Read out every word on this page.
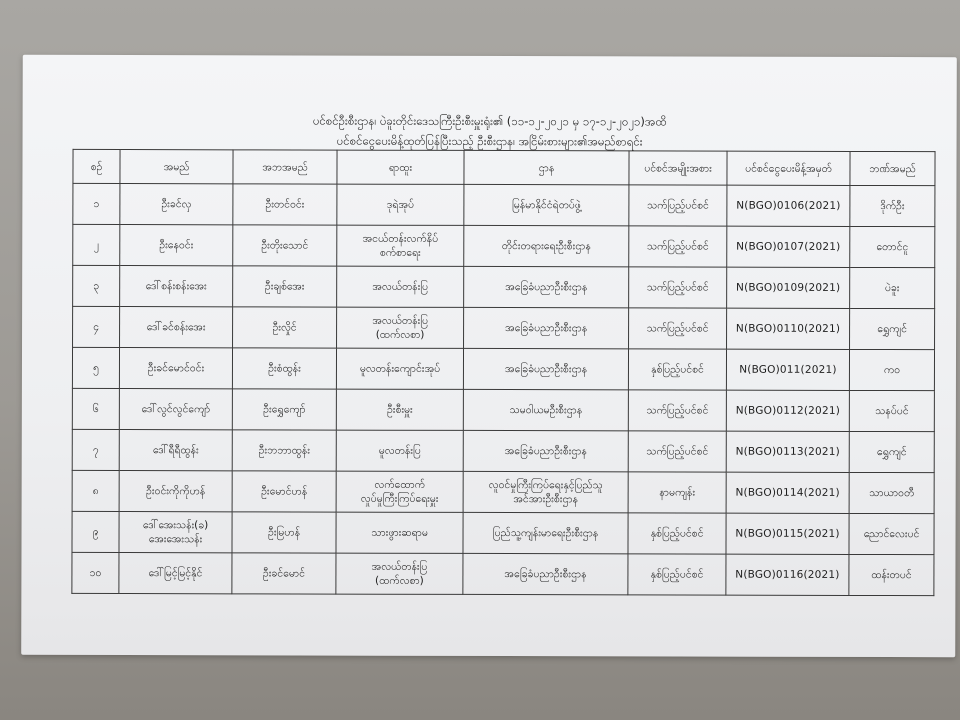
ပင်စင်ဦးစီးဌာန၊ ပဲခူးတိုင်းဒေသကြီးဦးစီးမှူးရုံး၏ (၁၁-၁၂-၂၀၂၁ မှ ၁၇-၁၂-၂၀၂၁)အထိ
ပင်စင်ငွေပေးမိန့်ထုတ်ပြန်ပြီးသည့် ဦးစီးဌာန၊ အငြိမ်းစားများ၏အမည်စာရင်း
စဉ်	အမည်	အဘအမည်	ရာထူး	ဌာန	ပင်စင်အမျိုးအစား	ပင်စင်ငွေပေးမိန့်အမှတ်	ဘဏ်အမည်
၁	ဦးခင်လှ	ဦးတင်ဝင်း	ဒုရဲအုပ်	မြန်မာနိုင်ငံရဲတပ်ဖွဲ့	သက်ပြည့်ပင်စင်	N(BGO)0106(2021)	ဒိုက်ဦး
၂	ဦးနေဝင်း	ဦးတိုးသောင်	အငယ်တန်းလက်နိပ်
စက်စာရေး	တိုင်းတရားရေးဦးစီးဌာန	သက်ပြည့်ပင်စင်	N(BGO)0107(2021)	တောင်ငူ
၃	ဒေါ်စန်းစန်းအေး	ဦးချစ်အေး	အလယ်တန်းပြ	အခြေခံပညာဦးစီးဌာန	သက်ပြည့်ပင်စင်	N(BGO)0109(2021)	ပဲခူး
၄	ဒေါ်ခင်စန်းအေး	ဦးလှိုင်	အလယ်တန်းပြ
(ထက်လစာ)	အခြေခံပညာဦးစီးဌာန	သက်ပြည့်ပင်စင်	N(BGO)0110(2021)	ရွှေကျင်
၅	ဦးခင်မောင်ဝင်း	ဦးစံထွန်း	မူလတန်းကျောင်းအုပ်	အခြေခံပညာဦးစီးဌာန	နှစ်ပြည့်ပင်စင်	N(BGO)011(2021)	ကဝ
၆	ဒေါ်လွင်လွင်ကျော်	ဦးရွှေကျော်	ဦးစီးမှူး	သမဝါယမဦးစီးဌာန	သက်ပြည့်ပင်စင်	N(BGO)0112(2021)	သနပ်ပင်
၇	ဒေါ်ရီရီထွန်း	ဦးဘဘာထွန်း	မူလတန်းပြ	အခြေခံပညာဦးစီးဌာန	သက်ပြည့်ပင်စင်	N(BGO)0113(2021)	ရွှေကျင်
၈	ဦးဝင်းကိုကိုဟန်	ဦးမောင်ဟန်	လက်ထောက်
လှုပ်မှုကြီးကြပ်ရေးမှူး	လူဝင်မှုကြီးကြပ်ရေးနှင့်ပြည်သူ
အင်အားဦးစီးဌာန	နာမကျန်း	N(BGO)0114(2021)	သာယာဝတီ
၉	ဒေါ်အေးသန်း(ခ)
အေးအေးသန်း	ဦးမြဟန်	သားဖွားဆရာမ	ပြည်သူ့ကျန်းမာရေးဦးစီးဌာန	နှစ်ပြည့်ပင်စင်	N(BGO)0115(2021)	ညောင်လေးပင်
၁၀	ဒေါ်မြင့်မြင့်နိုင်	ဦးခင်မောင်	အလယ်တန်းပြ
(ထက်လစာ)	အခြေခံပညာဦးစီးဌာန	နှစ်ပြည့်ပင်စင်	N(BGO)0116(2021)	ထန်းတပင်
